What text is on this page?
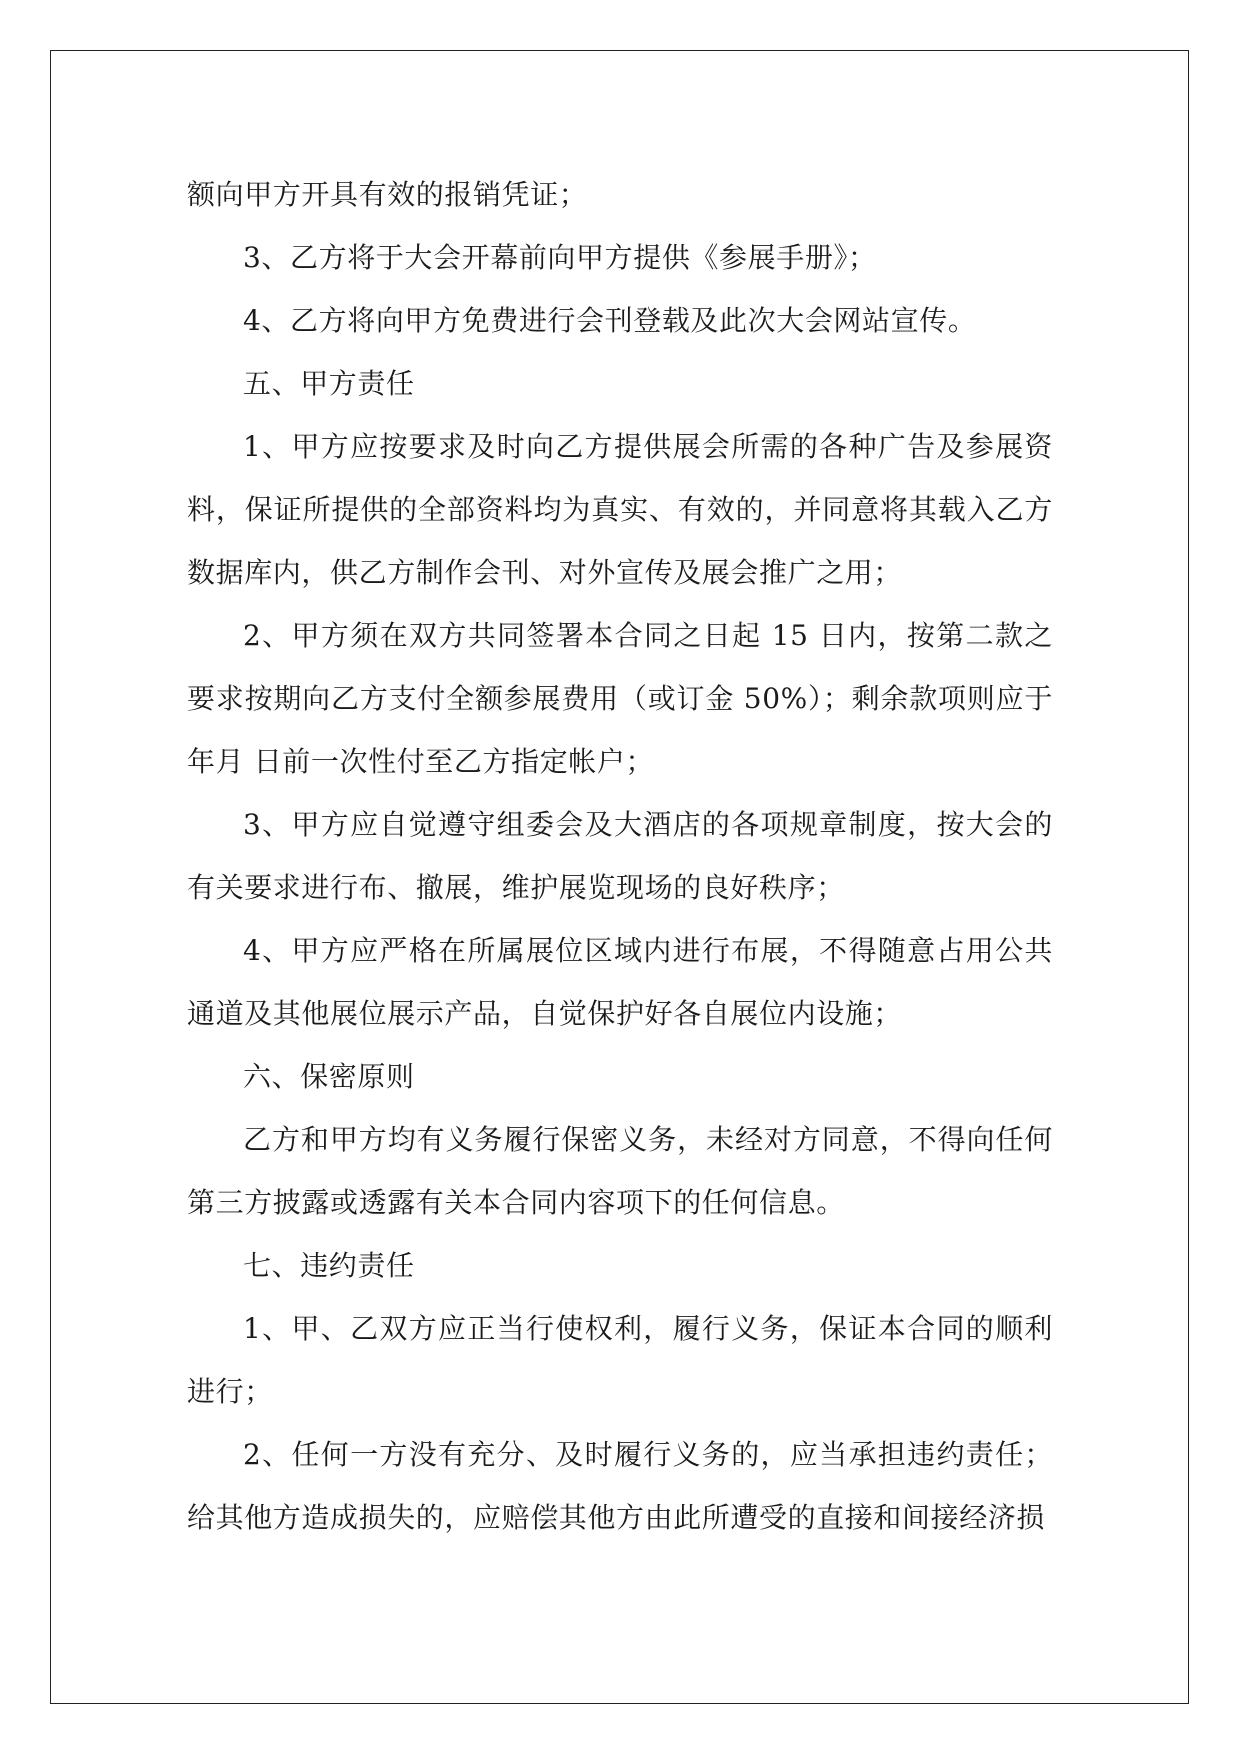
额向甲方开具有效的报销凭证；

3、乙方将于大会开幕前向甲方提供《参展手册》；

4、乙方将向甲方免费进行会刊登载及此次大会网站宣传。

五、甲方责任

1、甲方应按要求及时向乙方提供展会所需的各种广告及参展资料，保证所提供的全部资料均为真实、有效的，并同意将其载入乙方数据库内，供乙方制作会刊、对外宣传及展会推广之用；

2、甲方须在双方共同签署本合同之日起 15 日内，按第二款之要求按期向乙方支付全额参展费用（或订金 50%）；剩余款项则应于 年月 日前一次性付至乙方指定帐户；

3、甲方应自觉遵守组委会及大酒店的各项规章制度，按大会的有关要求进行布、撤展，维护展览现场的良好秩序；

4、甲方应严格在所属展位区域内进行布展，不得随意占用公共通道及其他展位展示产品，自觉保护好各自展位内设施；

六、保密原则

乙方和甲方均有义务履行保密义务，未经对方同意，不得向任何第三方披露或透露有关本合同内容项下的任何信息。

七、违约责任

1、甲、乙双方应正当行使权利，履行义务，保证本合同的顺利进行；

2、任何一方没有充分、及时履行义务的，应当承担违约责任；给其他方造成损失的，应赔偿其他方由此所遭受的直接和间接经济损
